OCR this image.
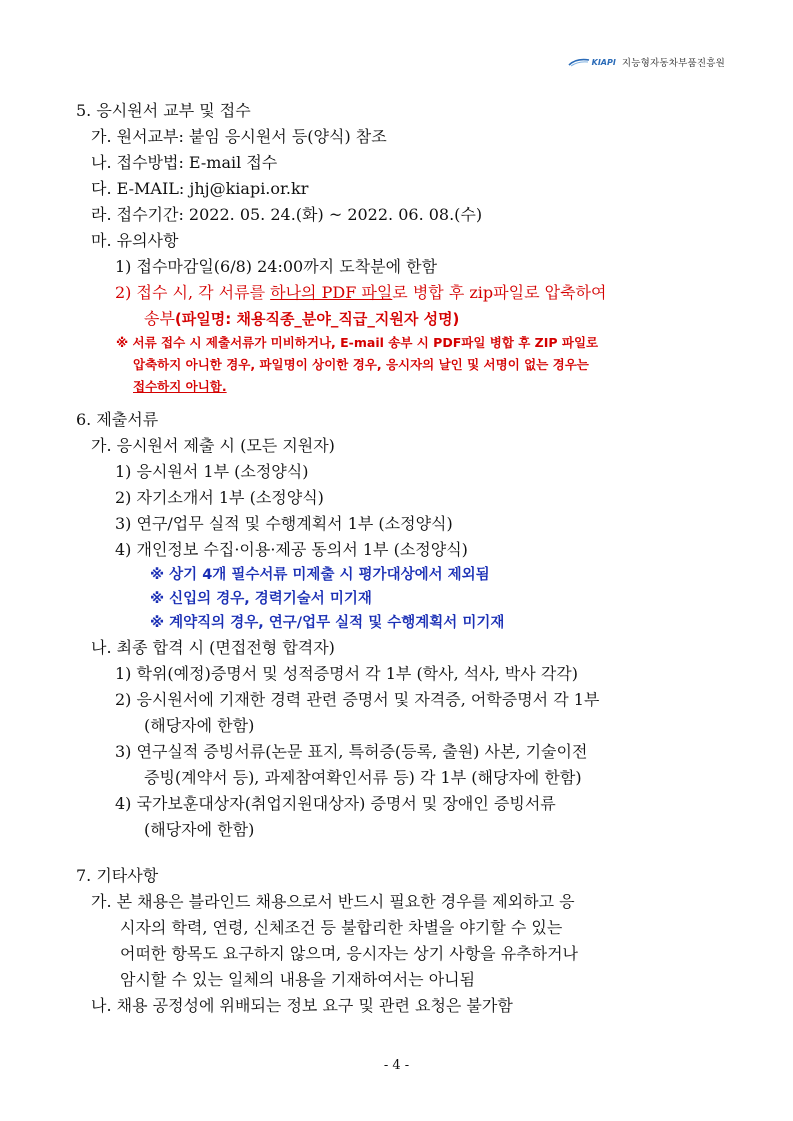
KIAPI 지능형자동차부품진흥원
5. 응시원서 교부 및 접수
가. 원서교부: 붙임 응시원서 등(양식) 참조
나. 접수방법: E-mail 접수
다. E-MAIL: jhj@kiapi.or.kr
라. 접수기간: 2022. 05. 24.(화) ~ 2022. 06. 08.(수)
마. 유의사항
1) 접수마감일(6/8) 24:00까지 도착분에 한함
2) 접수 시, 각 서류를 하나의 PDF 파일로 병합 후 zip파일로 압축하여
송부(파일명: 채용직종_분야_직급_지원자 성명)
※ 서류 접수 시 제출서류가 미비하거나, E-mail 송부 시 PDF파일 병합 후 ZIP 파일로
압축하지 아니한 경우, 파일명이 상이한 경우, 응시자의 날인 및 서명이 없는 경우는
접수하지 아니함.
6. 제출서류
가. 응시원서 제출 시 (모든 지원자)
1) 응시원서 1부 (소정양식)
2) 자기소개서 1부 (소정양식)
3) 연구/업무 실적 및 수행계획서 1부 (소정양식)
4) 개인정보 수집·이용·제공 동의서 1부 (소정양식)
※ 상기 4개 필수서류 미제출 시 평가대상에서 제외됨
※ 신입의 경우, 경력기술서 미기재
※ 계약직의 경우, 연구/업무 실적 및 수행계획서 미기재
나. 최종 합격 시 (면접전형 합격자)
1) 학위(예정)증명서 및 성적증명서 각 1부 (학사, 석사, 박사 각각)
2) 응시원서에 기재한 경력 관련 증명서 및 자격증, 어학증명서 각 1부
(해당자에 한함)
3) 연구실적 증빙서류(논문 표지, 특허증(등록, 출원) 사본, 기술이전
증빙(계약서 등), 과제참여확인서류 등) 각 1부 (해당자에 한함)
4) 국가보훈대상자(취업지원대상자) 증명서 및 장애인 증빙서류
(해당자에 한함)
7. 기타사항
가. 본 채용은 블라인드 채용으로서 반드시 필요한 경우를 제외하고 응
시자의 학력, 연령, 신체조건 등 불합리한 차별을 야기할 수 있는
어떠한 항목도 요구하지 않으며, 응시자는 상기 사항을 유추하거나
암시할 수 있는 일체의 내용을 기재하여서는 아니됨
나. 채용 공정성에 위배되는 정보 요구 및 관련 요청은 불가함
- 4 -
